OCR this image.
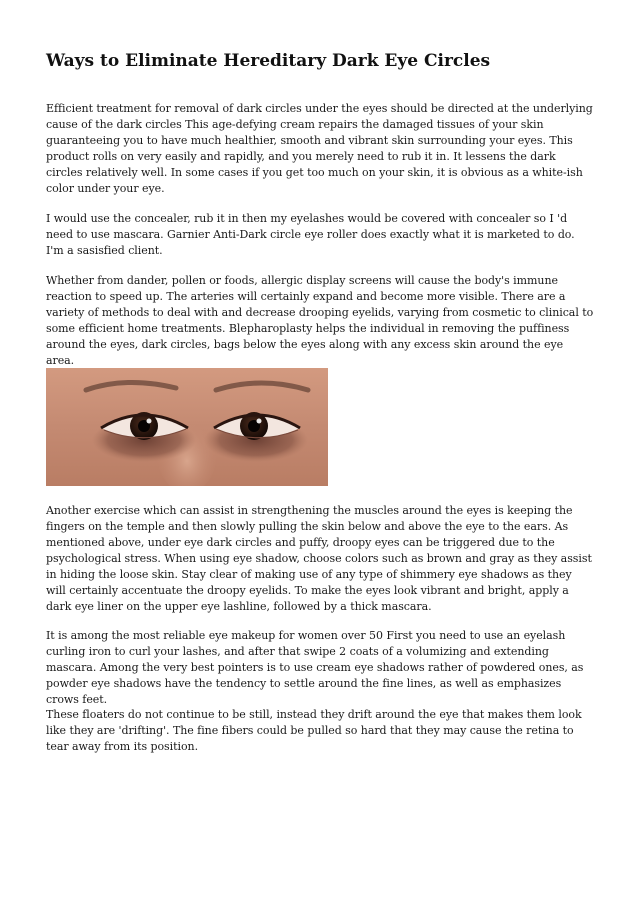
Ways to Eliminate Hereditary Dark Eye Circles

Efficient treatment for removal of dark circles under the eyes should be directed at the underlying cause of the dark circles This age-defying cream repairs the damaged tissues of your skin guaranteeing you to have much healthier, smooth and vibrant skin surrounding your eyes. This product rolls on very easily and rapidly, and you merely need to rub it in. It lessens the dark circles relatively well. In some cases if you get too much on your skin, it is obvious as a white-ish color under your eye.

I would use the concealer, rub it in then my eyelashes would be covered with concealer so I 'd need to use mascara. Garnier Anti-Dark circle eye roller does exactly what it is marketed to do. I'm a sasisfied client.

Whether from dander, pollen or foods, allergic display screens will cause the body's immune reaction to speed up. The arteries will certainly expand and become more visible. There are a variety of methods to deal with and decrease drooping eyelids, varying from cosmetic to clinical to some efficient home treatments. Blepharoplasty helps the individual in removing the puffiness around the eyes, dark circles, bags below the eyes along with any excess skin around the eye area.

Another exercise which can assist in strengthening the muscles around the eyes is keeping the fingers on the temple and then slowly pulling the skin below and above the eye to the ears. As mentioned above, under eye dark circles and puffy, droopy eyes can be triggered due to the psychological stress. When using eye shadow, choose colors such as brown and gray as they assist in hiding the loose skin. Stay clear of making use of any type of shimmery eye shadows as they will certainly accentuate the droopy eyelids. To make the eyes look vibrant and bright, apply a dark eye liner on the upper eye lashline, followed by a thick mascara.

It is among the most reliable eye makeup for women over 50 First you need to use an eyelash curling iron to curl your lashes, and after that swipe 2 coats of a volumizing and extending mascara. Among the very best pointers is to use cream eye shadows rather of powdered ones, as powder eye shadows have the tendency to settle around the fine lines, as well as emphasizes crows feet.

These floaters do not continue to be still, instead they drift around the eye that makes them look like they are 'drifting'. The fine fibers could be pulled so hard that they may cause the retina to tear away from its position.
